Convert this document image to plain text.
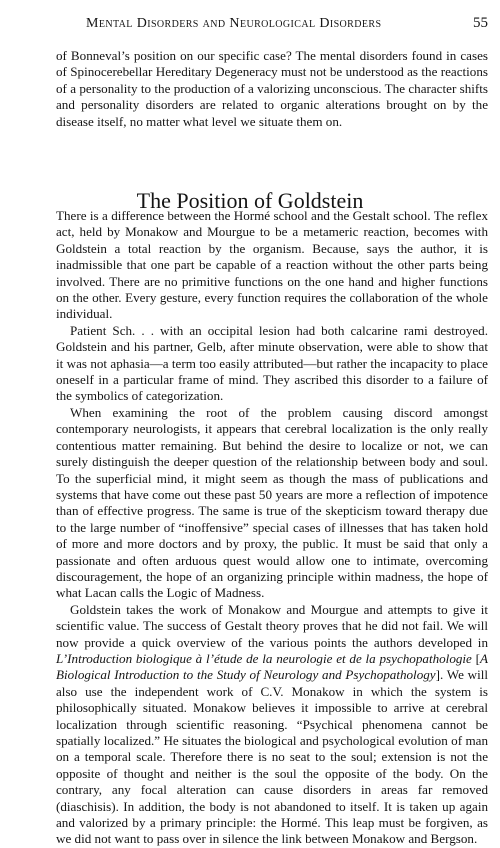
Mental Disorders and Neurological Disorders	55

of Bonneval’s position on our specific case? The mental disorders found in cases of Spinocerebellar Hereditary Degeneracy must not be understood as the reactions of a personality to the production of a valorizing unconscious. The character shifts and personality disorders are related to organic alterations brought on by the disease itself, no matter what level we situate them on.

The Position of Goldstein

There is a difference between the Hormé school and the Gestalt school. The reflex act, held by Monakow and Mourgue to be a metameric reaction, becomes with Goldstein a total reaction by the organism. Because, says the author, it is inadmissible that one part be capable of a reaction without the other parts being involved. There are no primitive functions on the one hand and higher functions on the other. Every gesture, every function requires the collaboration of the whole individual.

Patient Sch. . . with an occipital lesion had both calcarine rami destroyed. Goldstein and his partner, Gelb, after minute observation, were able to show that it was not aphasia—a term too easily attributed—but rather the incapacity to place oneself in a particular frame of mind. They ascribed this disorder to a failure of the symbolics of categorization.

When examining the root of the problem causing discord amongst contemporary neurologists, it appears that cerebral localization is the only really contentious matter remaining. But behind the desire to localize or not, we can surely distinguish the deeper question of the relationship between body and soul. To the superficial mind, it might seem as though the mass of publications and systems that have come out these past 50 years are more a reflection of impotence than of effective progress. The same is true of the skepticism toward therapy due to the large number of “inoffensive” special cases of illnesses that has taken hold of more and more doctors and by proxy, the public. It must be said that only a passionate and often arduous quest would allow one to intimate, overcoming discouragement, the hope of an organizing principle within madness, the hope of what Lacan calls the Logic of Madness.

Goldstein takes the work of Monakow and Mourgue and attempts to give it scientific value. The success of Gestalt theory proves that he did not fail. We will now provide a quick overview of the various points the authors developed in L’Introduction biologique à l’étude de la neurologie et de la psychopathologie [A Biological Introduction to the Study of Neurology and Psychopathology]. We will also use the independent work of C.V. Monakow in which the system is philosophically situated. Monakow believes it impossible to arrive at cerebral localization through scientific reasoning. “Psychical phenomena cannot be spatially localized.” He situates the biological and psychological evolution of man on a temporal scale. Therefore there is no seat to the soul; extension is not the opposite of thought and neither is the soul the opposite of the body. On the contrary, any focal alteration can cause disorders in areas far removed (diaschisis). In addition, the body is not abandoned to itself. It is taken up again and valorized by a primary principle: the Hormé. This leap must be forgiven, as we did not want to pass over in silence the link between Monakow and Bergson.
